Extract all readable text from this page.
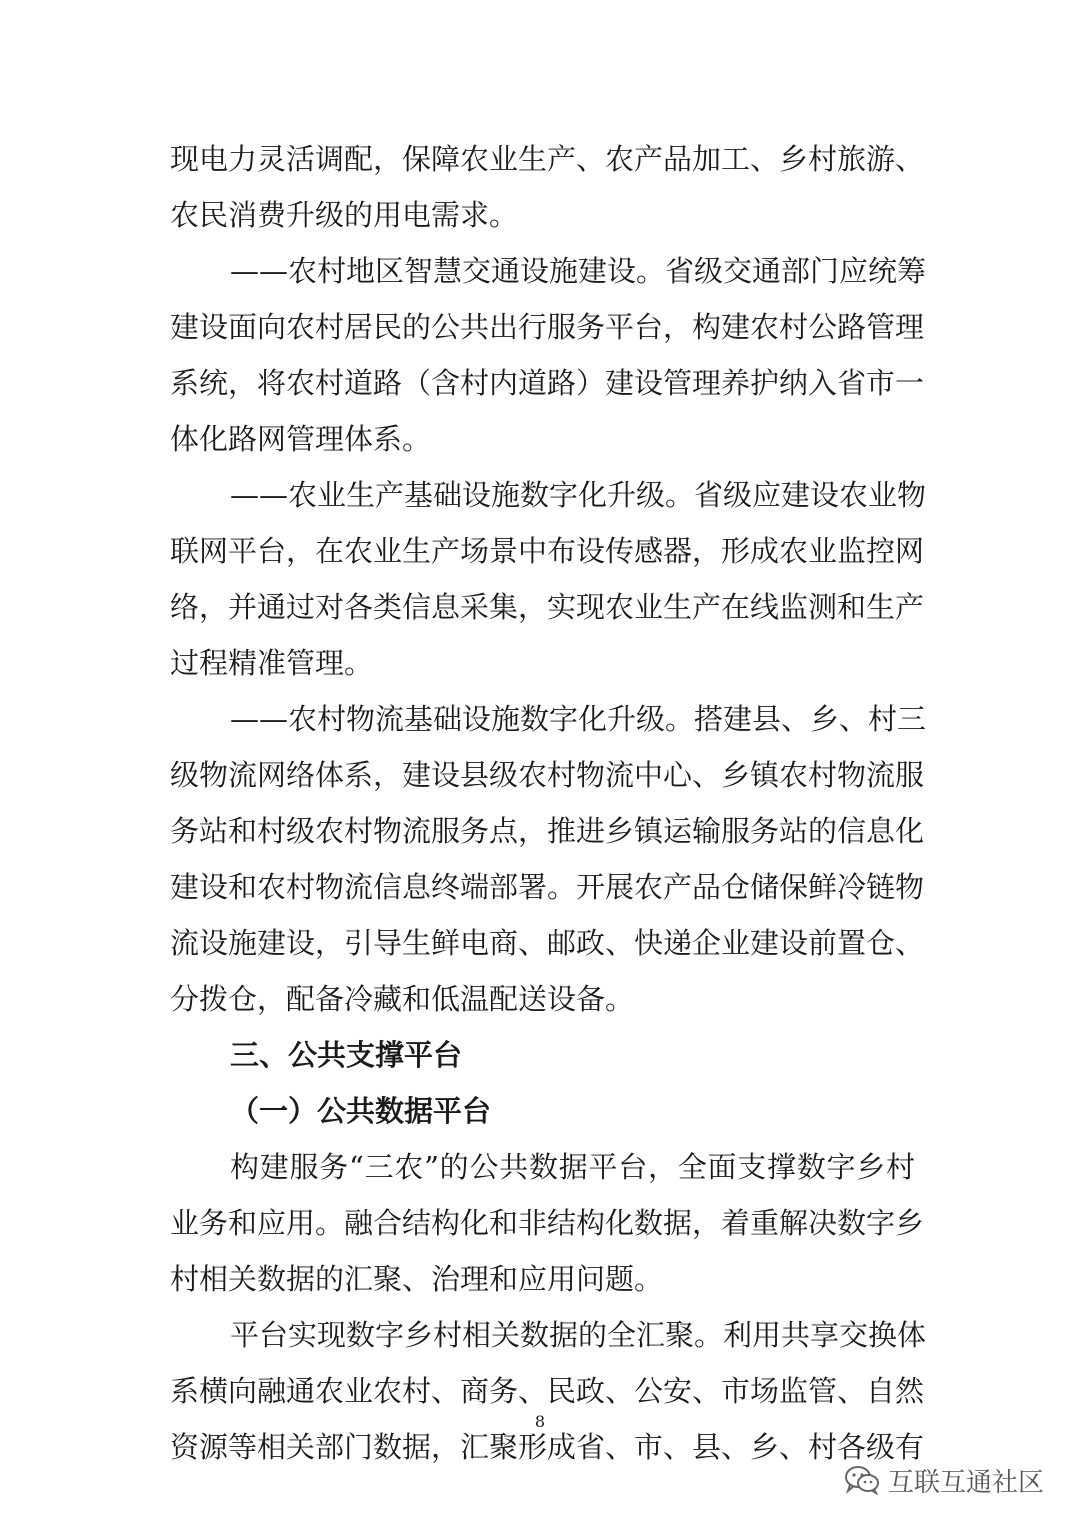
现电力灵活调配，保障农业生产、农产品加工、乡村旅游、
农民消费升级的用电需求。
——农村地区智慧交通设施建设。省级交通部门应统筹
建设面向农村居民的公共出行服务平台，构建农村公路管理
系统，将农村道路（含村内道路）建设管理养护纳入省市一
体化路网管理体系。
——农业生产基础设施数字化升级。省级应建设农业物
联网平台，在农业生产场景中布设传感器，形成农业监控网
络，并通过对各类信息采集，实现农业生产在线监测和生产
过程精准管理。
——农村物流基础设施数字化升级。搭建县、乡、村三
级物流网络体系，建设县级农村物流中心、乡镇农村物流服
务站和村级农村物流服务点，推进乡镇运输服务站的信息化
建设和农村物流信息终端部署。开展农产品仓储保鲜冷链物
流设施建设，引导生鲜电商、邮政、快递企业建设前置仓、
分拨仓，配备冷藏和低温配送设备。
三、公共支撑平台
（一）公共数据平台
构建服务“三农”的公共数据平台，全面支撑数字乡村
业务和应用。融合结构化和非结构化数据，着重解决数字乡
村相关数据的汇聚、治理和应用问题。
平台实现数字乡村相关数据的全汇聚。利用共享交换体
系横向融通农业农村、商务、民政、公安、市场监管、自然
资源等相关部门数据，汇聚形成省、市、县、乡、村各级有
8
互联互通社区
